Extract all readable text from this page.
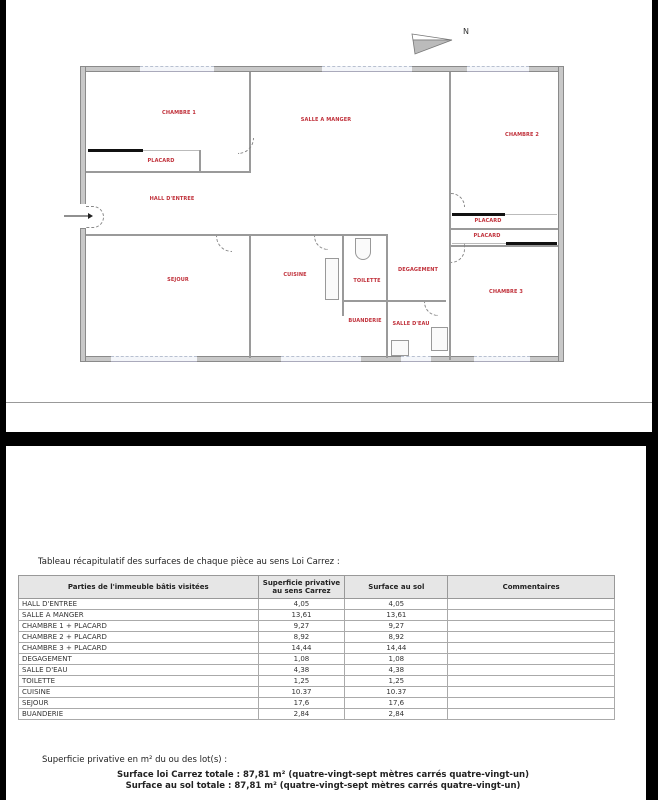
N
CHAMBRE 1
SALLE A MANGER
CHAMBRE 2
PLACARD
HALL D'ENTREE
PLACARD
PLACARD
DEGAGEMENT
SEJOUR
CUISINE
TOILETTE
CHAMBRE 3
BUANDERIE SALLE D'EAU
Tableau récapitulatif des surfaces de chaque pièce au sens Loi Carrez :
Parties de l'immeuble bâtis visitées	Superficie privative au sens Carrez	Surface au sol	Commentaires
HALL D'ENTREE	4,05	4,05	
SALLE A MANGER	13,61	13,61	
CHAMBRE 1 + PLACARD	9,27	9,27	
CHAMBRE 2 + PLACARD	8,92	8,92	
CHAMBRE 3 + PLACARD	14,44	14,44	
DEGAGEMENT	1,08	1,08	
SALLE D'EAU	4,38	4,38	
TOILETTE	1,25	1,25	
CUISINE	10.37	10.37	
SEJOUR	17,6	17,6	
BUANDERIE	2,84	2,84	
Superficie privative en m² du ou des lot(s) :
Surface loi Carrez totale : 87,81 m² (quatre-vingt-sept mètres carrés quatre-vingt-un)
Surface au sol totale : 87,81 m² (quatre-vingt-sept mètres carrés quatre-vingt-un)
